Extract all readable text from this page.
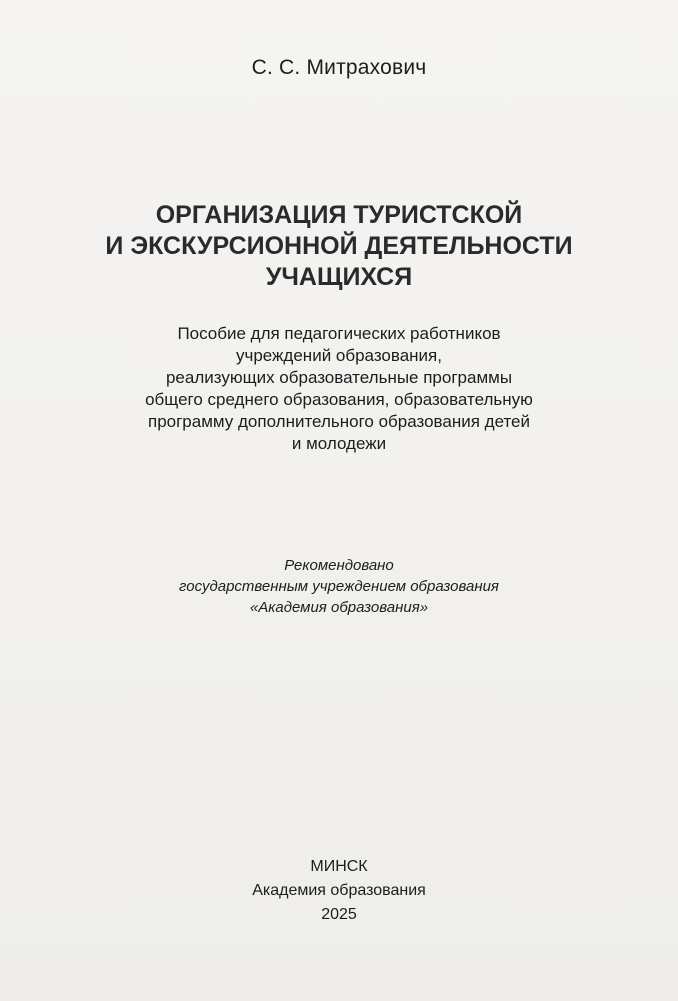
С. С. Митрахович
ОРГАНИЗАЦИЯ ТУРИСТСКОЙ
И ЭКСКУРСИОННОЙ ДЕЯТЕЛЬНОСТИ
УЧАЩИХСЯ
Пособие для педагогических работников
учреждений образования,
реализующих образовательные программы
общего среднего образования, образовательную
программу дополнительного образования детей
и молодежи
Рекомендовано
государственным учреждением образования
«Академия образования»
МИНСК
Академия образования
2025
